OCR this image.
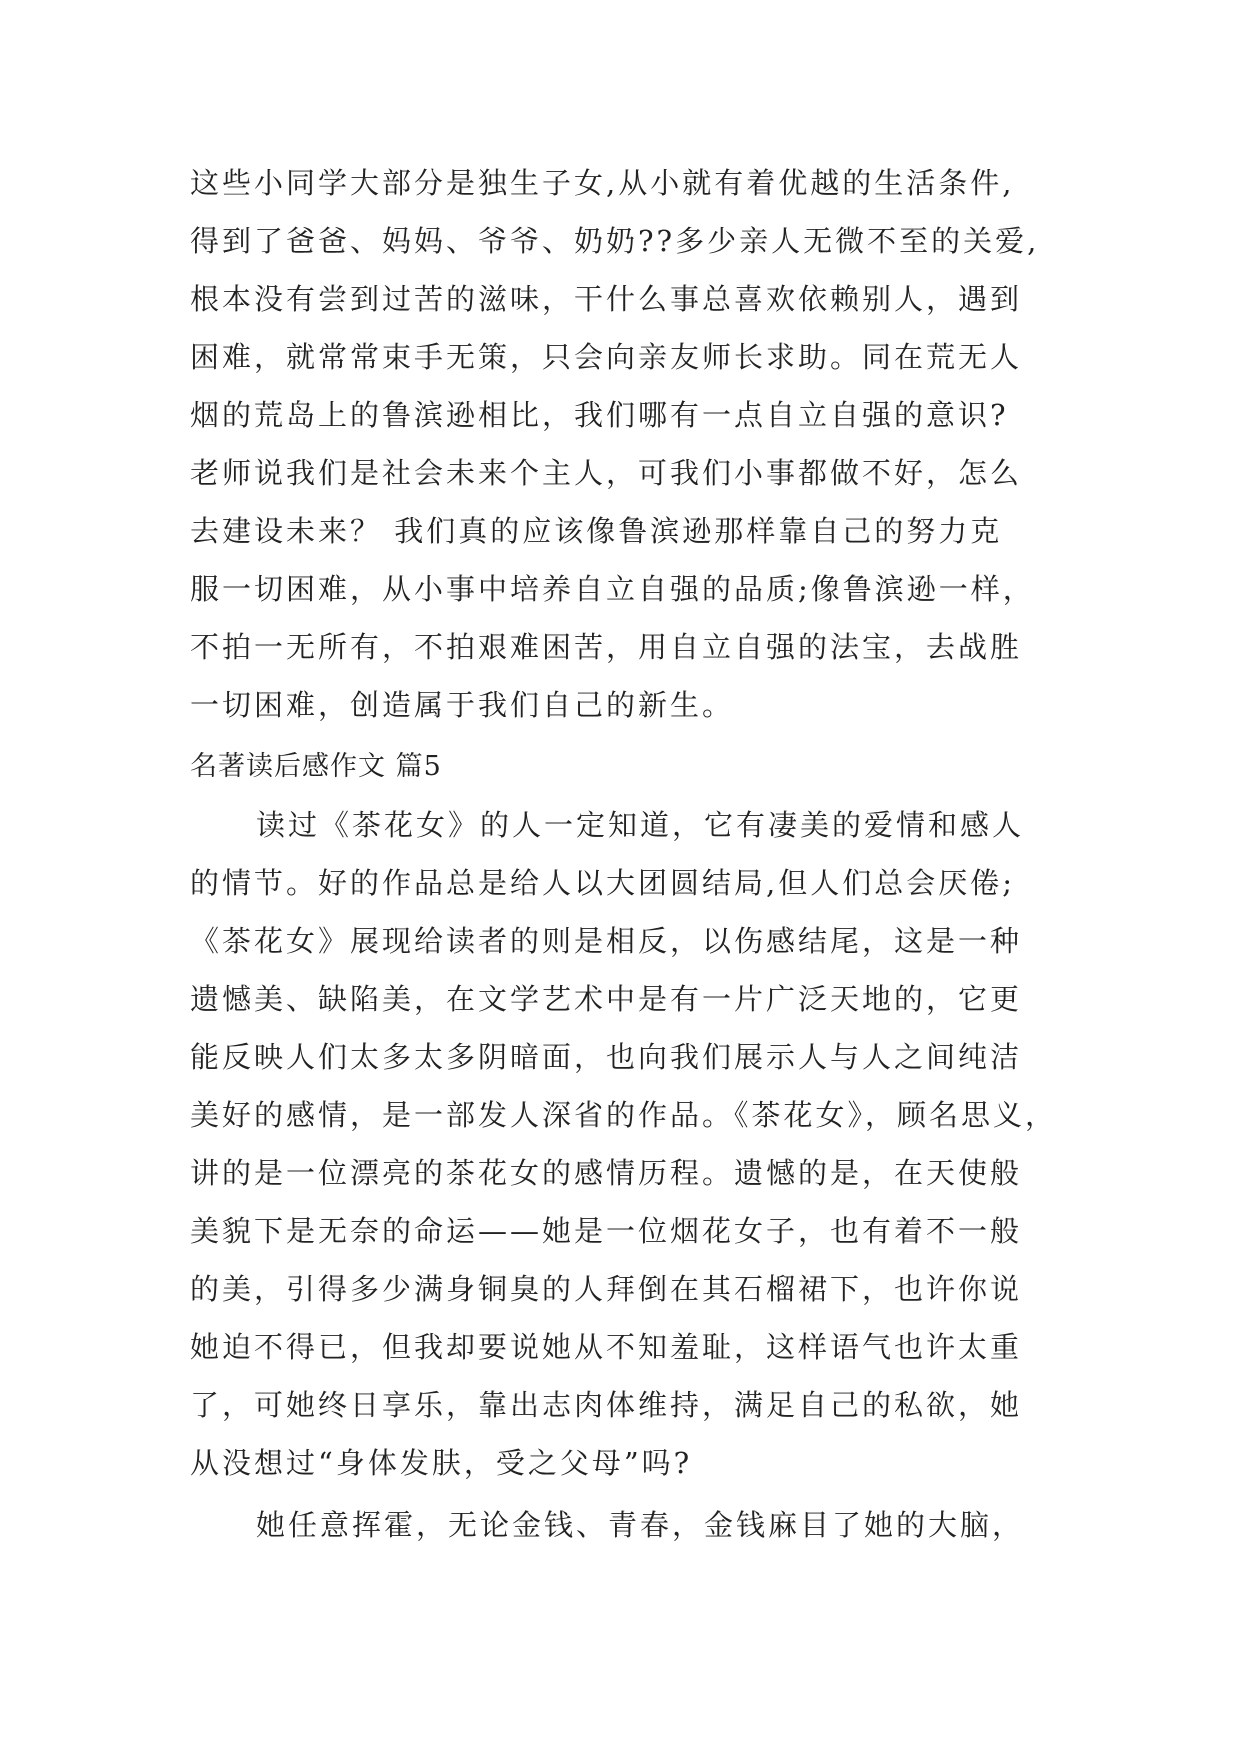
这些小同学大部分是独生子女,从小就有着优越的生活条件,
得到了爸爸、妈妈、爷爷、奶奶??多少亲人无微不至的关爱,
根本没有尝到过苦的滋味，干什么事总喜欢依赖别人，遇到
困难，就常常束手无策，只会向亲友师长求助。同在荒无人
烟的荒岛上的鲁滨逊相比，我们哪有一点自立自强的意识?
老师说我们是社会未来个主人，可我们小事都做不好，怎么
去建设未来？ 我们真的应该像鲁滨逊那样靠自己的努力克
服一切困难，从小事中培养自立自强的品质;像鲁滨逊一样，
不拍一无所有，不拍艰难困苦，用自立自强的法宝，去战胜
一切困难，创造属于我们自己的新生。
名著读后感作文 篇5
读过《茶花女》的人一定知道，它有凄美的爱情和感人
的情节。好的作品总是给人以大团圆结局,但人们总会厌倦;
《茶花女》展现给读者的则是相反，以伤感结尾，这是一种
遗憾美、缺陷美，在文学艺术中是有一片广泛天地的，它更
能反映人们太多太多阴暗面，也向我们展示人与人之间纯洁
美好的感情，是一部发人深省的作品。《茶花女》，顾名思义，
讲的是一位漂亮的茶花女的感情历程。遗憾的是，在天使般
美貌下是无奈的命运——她是一位烟花女子，也有着不一般
的美，引得多少满身铜臭的人拜倒在其石榴裙下，也许你说
她迫不得已，但我却要说她从不知羞耻，这样语气也许太重
了，可她终日享乐，靠出志肉体维持，满足自己的私欲，她
从没想过“身体发肤，受之父母”吗?
她任意挥霍，无论金钱、青春，金钱麻目了她的大脑，
